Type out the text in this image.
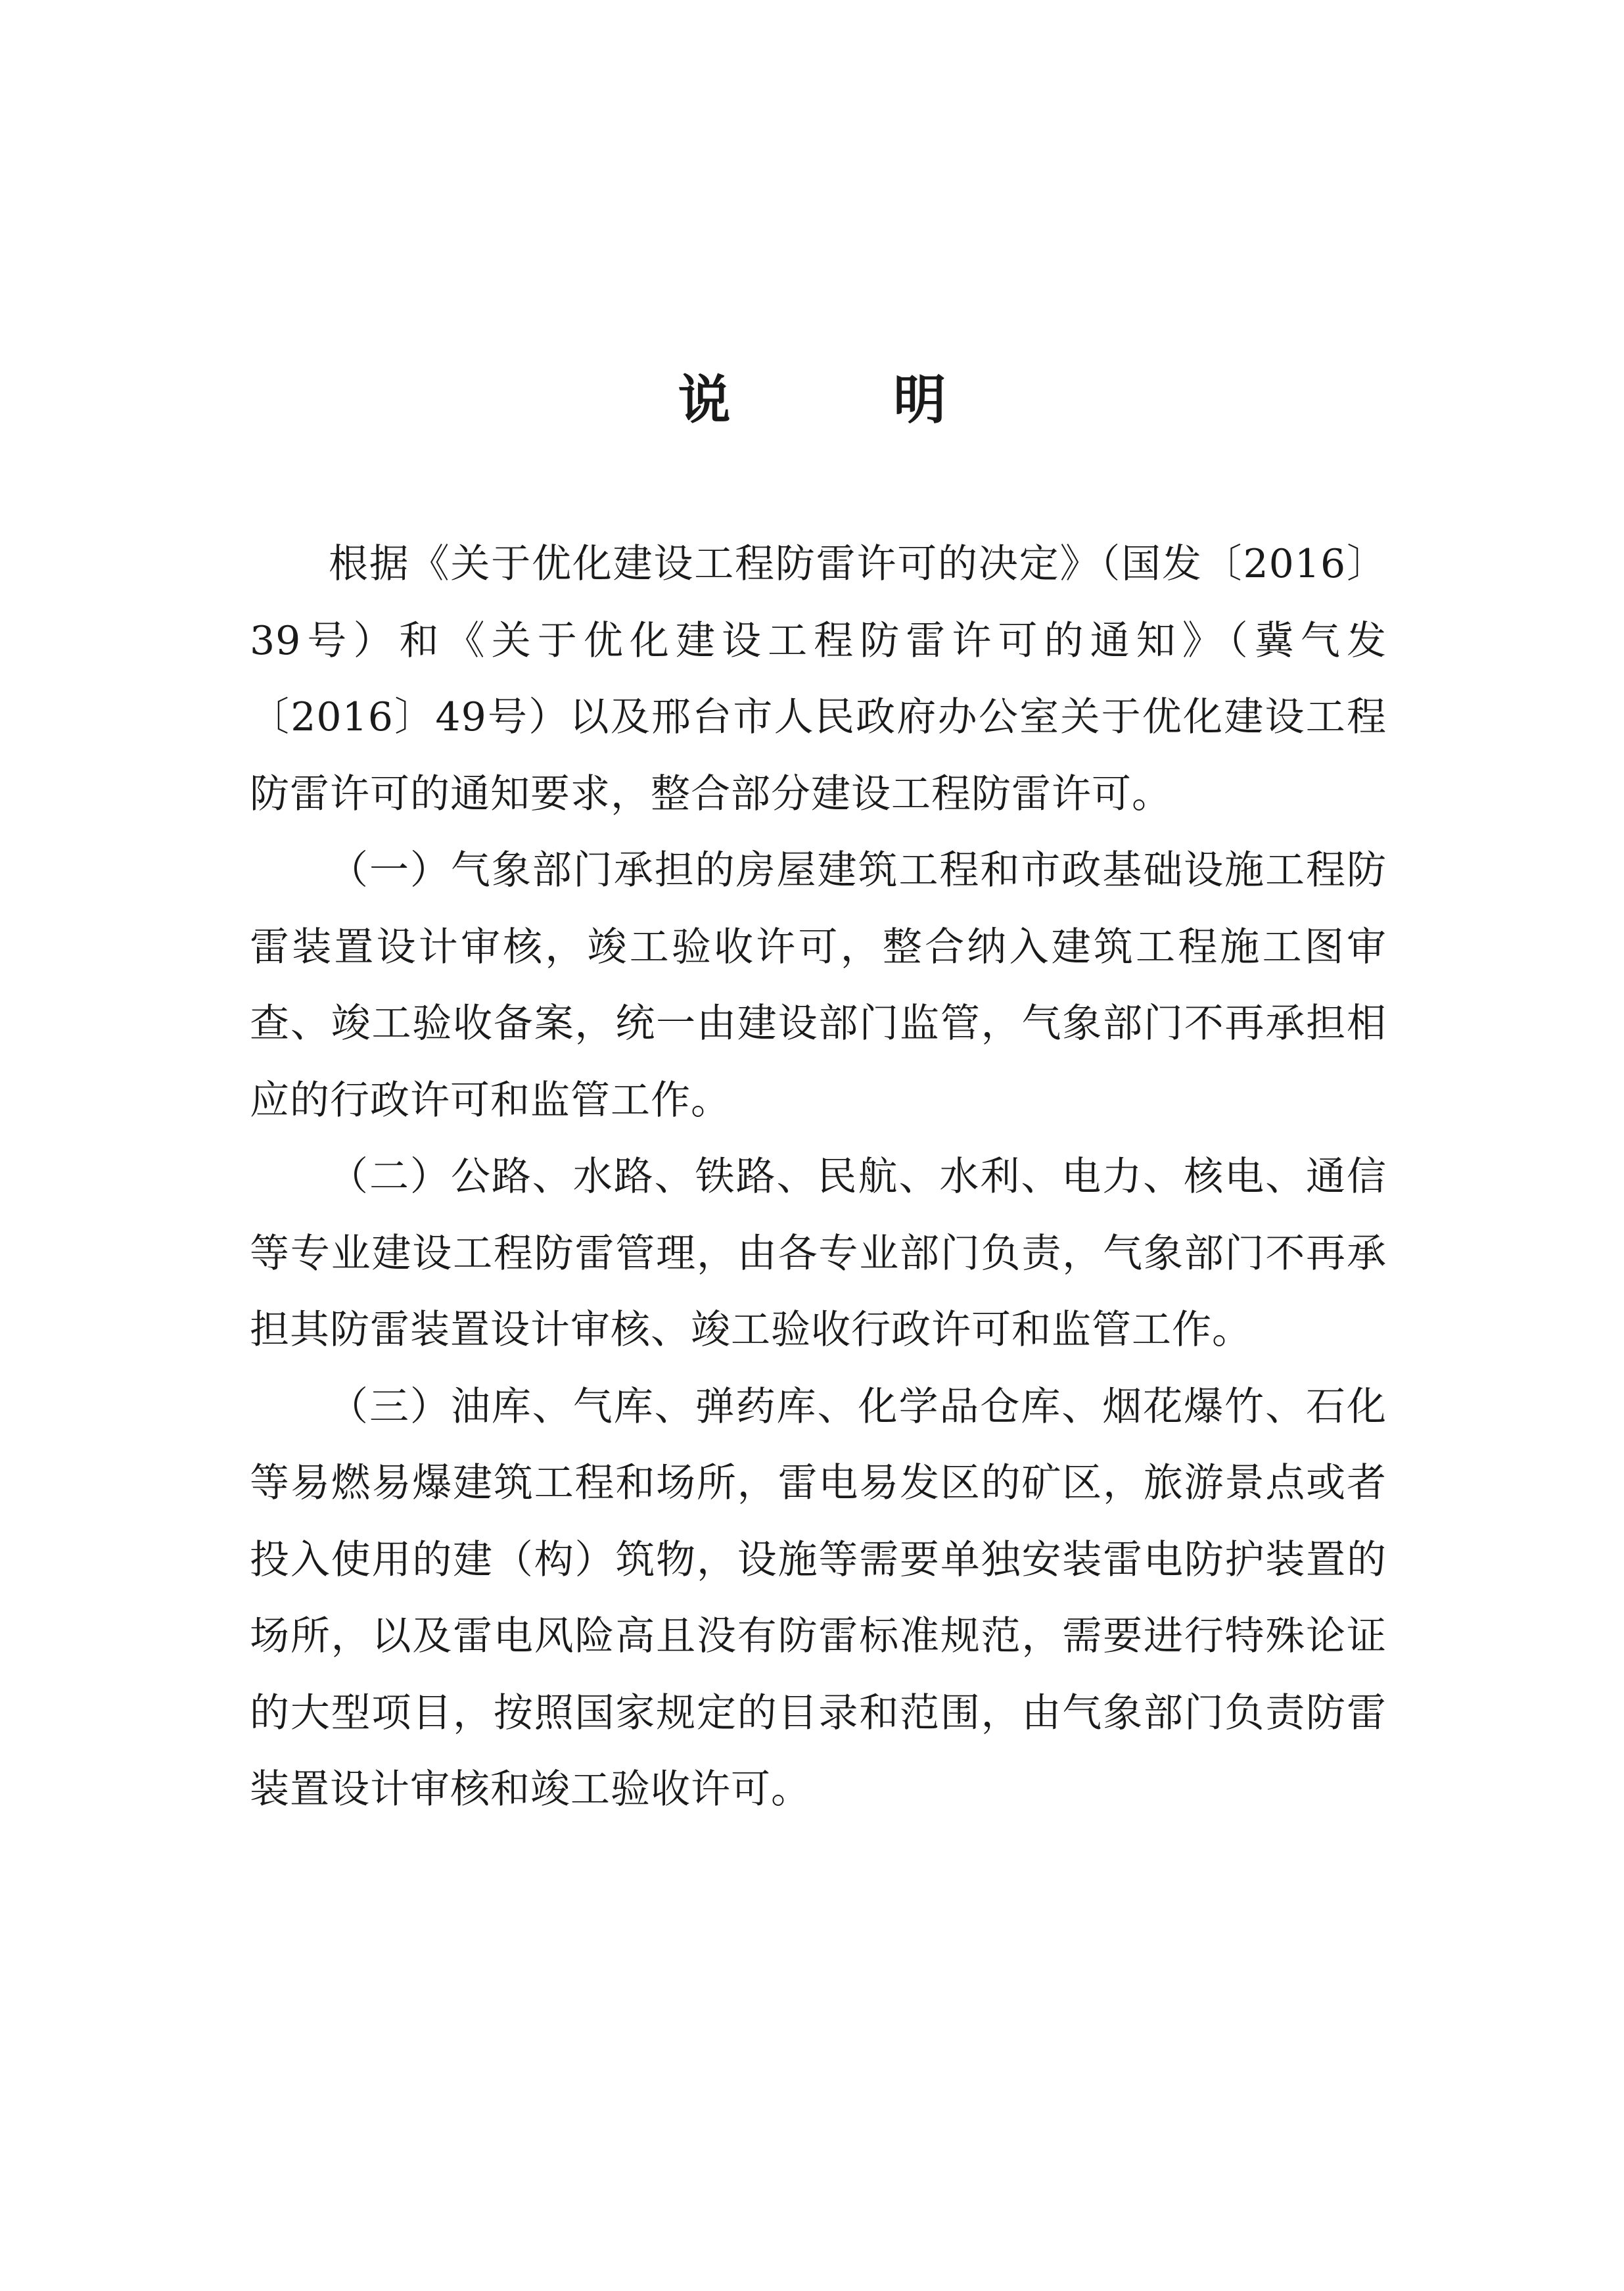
说 明

根据《关于优化建设工程防雷许可的决定》（国发〔2016〕39号）和《关于优化建设工程防雷许可的通知》（冀气发〔2016〕49号）以及邢台市人民政府办公室关于优化建设工程防雷许可的通知要求，整合部分建设工程防雷许可。

（一）气象部门承担的房屋建筑工程和市政基础设施工程防雷装置设计审核，竣工验收许可，整合纳入建筑工程施工图审查、竣工验收备案，统一由建设部门监管，气象部门不再承担相应的行政许可和监管工作。

（二）公路、水路、铁路、民航、水利、电力、核电、通信等专业建设工程防雷管理，由各专业部门负责，气象部门不再承担其防雷装置设计审核、竣工验收行政许可和监管工作。

（三）油库、气库、弹药库、化学品仓库、烟花爆竹、石化等易燃易爆建筑工程和场所，雷电易发区的矿区，旅游景点或者投入使用的建（构）筑物，设施等需要单独安装雷电防护装置的场所，以及雷电风险高且没有防雷标准规范，需要进行特殊论证的大型项目，按照国家规定的目录和范围，由气象部门负责防雷装置设计审核和竣工验收许可。
